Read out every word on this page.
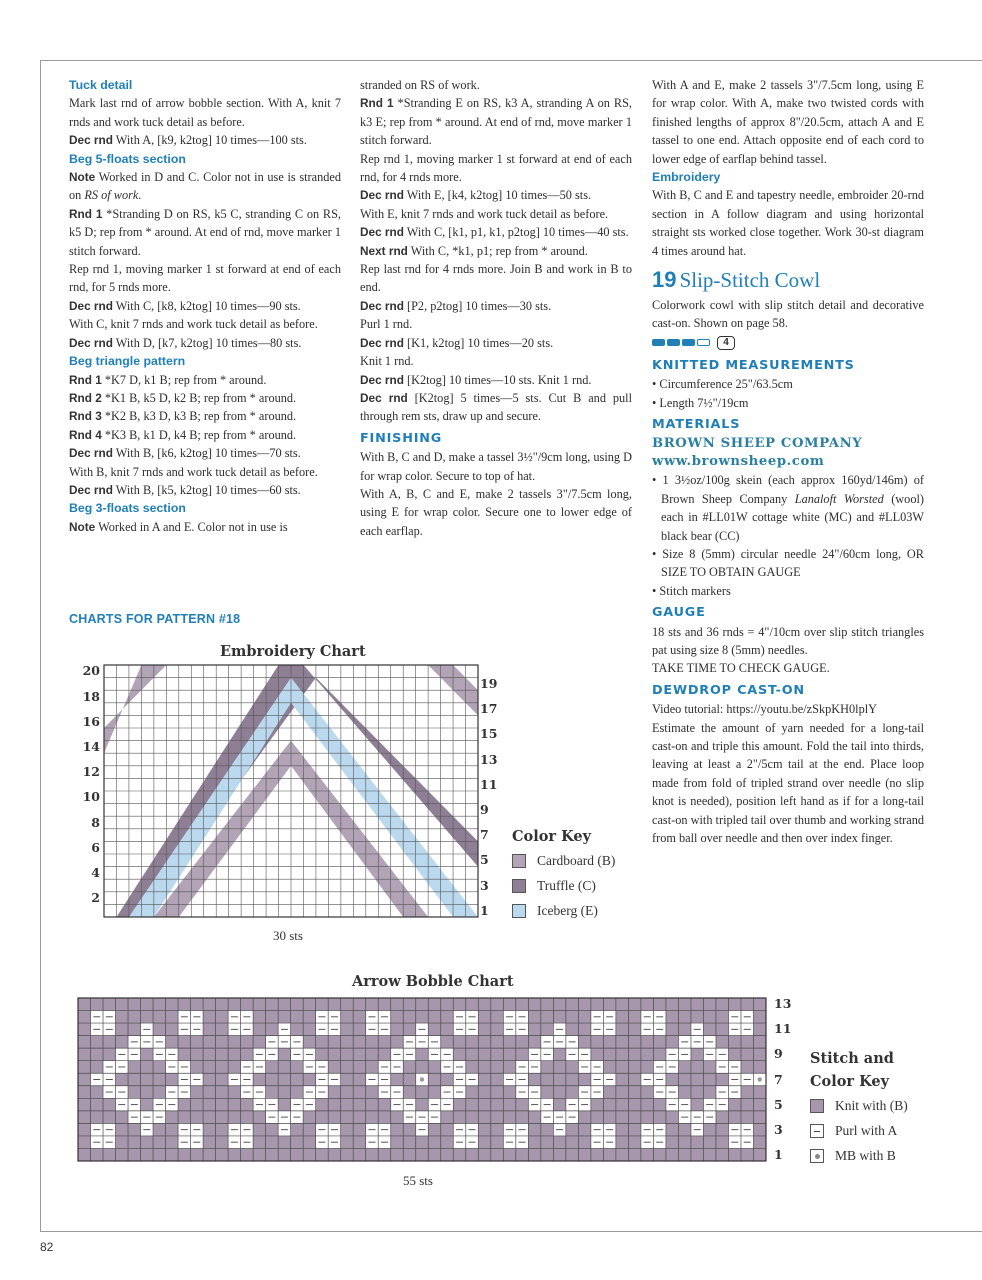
82
Tuck detail
Mark last rnd of arrow bobble section. With A, knit 7 rnds and work tuck detail as before.
Dec rnd With A, [k9, k2tog] 10 times—100 sts.
Beg 5-floats section
Note Worked in D and C. Color not in use is stranded on RS of work.
Rnd 1 *Stranding D on RS, k5 C, stranding C on RS, k5 D; rep from * around. At end of rnd, move marker 1 stitch forward.
Rep rnd 1, moving marker 1 st forward at end of each rnd, for 5 rnds more.
Dec rnd With C, [k8, k2tog] 10 times—90 sts.
With C, knit 7 rnds and work tuck detail as before.
Dec rnd With D, [k7, k2tog] 10 times—80 sts.
Beg triangle pattern
Rnd 1 *K7 D, k1 B; rep from * around.
Rnd 2 *K1 B, k5 D, k2 B; rep from * around.
Rnd 3 *K2 B, k3 D, k3 B; rep from * around.
Rnd 4 *K3 B, k1 D, k4 B; rep from * around.
Dec rnd With B, [k6, k2tog] 10 times—70 sts.
With B, knit 7 rnds and work tuck detail as before.
Dec rnd With B, [k5, k2tog] 10 times—60 sts.
Beg 3-floats section
Note Worked in A and E. Color not in use is
stranded on RS of work.
Rnd 1 *Stranding E on RS, k3 A, stranding A on RS, k3 E; rep from * around. At end of rnd, move marker 1 stitch forward.
Rep rnd 1, moving marker 1 st forward at end of each rnd, for 4 rnds more.
Dec rnd With E, [k4, k2tog] 10 times—50 sts.
With E, knit 7 rnds and work tuck detail as before.
Dec rnd With C, [k1, p1, k1, p2tog] 10 times—40 sts.
Next rnd With C, *k1, p1; rep from * around.
Rep last rnd for 4 rnds more. Join B and work in B to end.
Dec rnd [P2, p2tog] 10 times—30 sts.
Purl 1 rnd.
Dec rnd [K1, k2tog] 10 times—20 sts.
Knit 1 rnd.
Dec rnd [K2tog] 10 times—10 sts. Knit 1 rnd.
Dec rnd [K2tog] 5 times—5 sts. Cut B and pull through rem sts, draw up and secure.
FINISHING
With B, C and D, make a tassel 3½"/9cm long, using D for wrap color. Secure to top of hat.
With A, B, C and E, make 2 tassels 3"/7.5cm long, using E for wrap color. Secure one to lower edge of each earflap.
With A and E, make 2 tassels 3"/7.5cm long, using E for wrap color. With A, make two twisted cords with finished lengths of approx 8"/20.5cm, attach A and E tassel to one end. Attach opposite end of each cord to lower edge of earflap behind tassel.
Embroidery
With B, C and E and tapestry needle, embroider 20-rnd section in A follow diagram and using horizontal straight sts worked close together. Work 30-st diagram 4 times around hat.
19 Slip-Stitch Cowl
Colorwork cowl with slip stitch detail and decorative cast-on. Shown on page 58.
4
KNITTED MEASUREMENTS
• Circumference 25"/63.5cm
• Length 7½"/19cm
MATERIALS
BROWN SHEEP COMPANY
www.brownsheep.com
• 1 3½oz/100g skein (each approx 160yd/146m) of Brown Sheep Company Lanaloft Worsted (wool) each in #LL01W cottage white (MC) and #LL03W black bear (CC)
• Size 8 (5mm) circular needle 24"/60cm long, OR SIZE TO OBTAIN GAUGE
• Stitch markers
GAUGE
18 sts and 36 rnds = 4"/10cm over slip stitch triangles pat using size 8 (5mm) needles.
TAKE TIME TO CHECK GAUGE.
DEWDROP CAST-ON
Video tutorial: https://youtu.be/zSkpKH0lplY
Estimate the amount of yarn needed for a long-tail cast-on and triple this amount. Fold the tail into thirds, leaving at least a 2"/5cm tail at the end. Place loop made from fold of tripled strand over needle (no slip knot is needed), position left hand as if for a long-tail cast-on with tripled tail over thumb and working strand from ball over needle and then over index finger.
CHARTS FOR PATTERN #18
Embroidery Chart
2
4
6
8
10
12
14
16
18
20
1
3
5
7
9
11
13
15
17
19
30 sts
Color Key
Cardboard (B)
Truffle (C)
Iceberg (E)
Arrow Bobble Chart
1
3
5
7
9
11
13
55 sts
Stitch and
Color Key
Knit with (B)
Purl with A
MB with B
